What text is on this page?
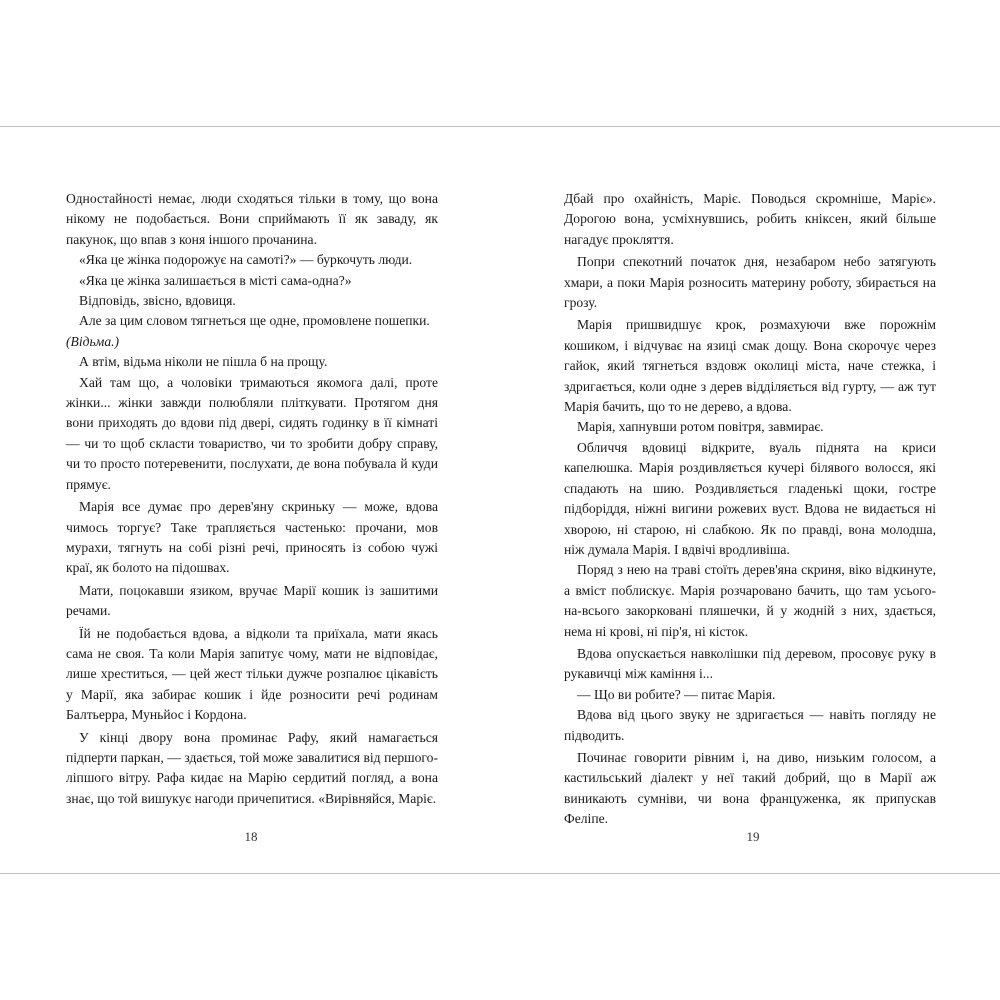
Одностайності немає, люди сходяться тільки в тому, що вона нікому не подобається. Вони сприймають її як заваду, як пакунок, що впав з коня іншого прочанина.

«Яка це жінка подорожує на самоті?» — буркочуть люди.

«Яка це жінка залишається в місті сама-одна?»

Відповідь, звісно, вдовиця.

Але за цим словом тягнеться ще одне, промовлене пошепки.

(Відьма.)

А втім, відьма ніколи не пішла б на прощу.

Хай там що, а чоловіки тримаються якомога далі, проте жінки... жінки завжди полюбляли пліткувати. Протягом дня вони приходять до вдови під двері, сидять годинку в її кімнаті — чи то щоб скласти товариство, чи то зробити добру справу, чи то просто потеревенити, послухати, де вона побувала й куди прямує.

Марія все думає про дерев'яну скриньку — може, вдова чимось торгує? Таке трапляється частенько: прочани, мов мурахи, тягнуть на собі різні речі, приносять із собою чужі краї, як болото на підошвах.

Мати, поцокавши язиком, вручає Марії кошик із зашитими речами.

Їй не подобається вдова, а відколи та приїхала, мати якась сама не своя. Та коли Марія запитує чому, мати не відповідає, лише хреститься, — цей жест тільки дужче розпалює цікавість у Марії, яка забирає кошик і йде розносити речі родинам Балтьерра, Муньйос і Кордона.

У кінці двору вона проминає Рафу, який намагається підперти паркан, — здається, той може завалитися від першого-ліпшого вітру. Рафа кидає на Марію сердитий погляд, а вона знає, що той вишукує нагоди причепитися. «Вирівняйся, Маріє.

18

Дбай про охайність, Маріє. Поводься скромніше, Маріє». Дорогою вона, усміхнувшись, робить кніксен, який більше нагадує прокляття.

Попри спекотний початок дня, незабаром небо затягують хмари, а поки Марія розносить материну роботу, збирається на грозу.

Марія пришвидшує крок, розмахуючи вже порожнім кошиком, і відчуває на язиці смак дощу. Вона скорочує через гайок, який тягнеться вздовж околиці міста, наче стежка, і здригається, коли одне з дерев відділяється від гурту, — аж тут Марія бачить, що то не дерево, а вдова.

Марія, хапнувши ротом повітря, завмирає.

Обличчя вдовиці відкрите, вуаль піднята на криси капелюшка. Марія роздивляється кучері білявого волосся, які спадають на шию. Роздивляється гладенькі щоки, гостре підборіддя, ніжні вигини рожевих вуст. Вдова не видається ні хворою, ні старою, ні слабкою. Як по правді, вона молодша, ніж думала Марія. І вдвічі вродливіша.

Поряд з нею на траві стоїть дерев'яна скриня, віко відкинуте, а вміст поблискує. Марія розчаровано бачить, що там усього-на-всього закорковані пляшечки, й у жодній з них, здається, нема ні крові, ні пір'я, ні кісток.

Вдова опускається навколішки під деревом, просовує руку в рукавичці між каміння і...

— Що ви робите? — питає Марія.

Вдова від цього звуку не здригається — навіть погляду не підводить.

Починає говорити рівним і, на диво, низьким голосом, а кастильський діалект у неї такий добрий, що в Марії аж виникають сумніви, чи вона француженка, як припускав Феліпе.

19
